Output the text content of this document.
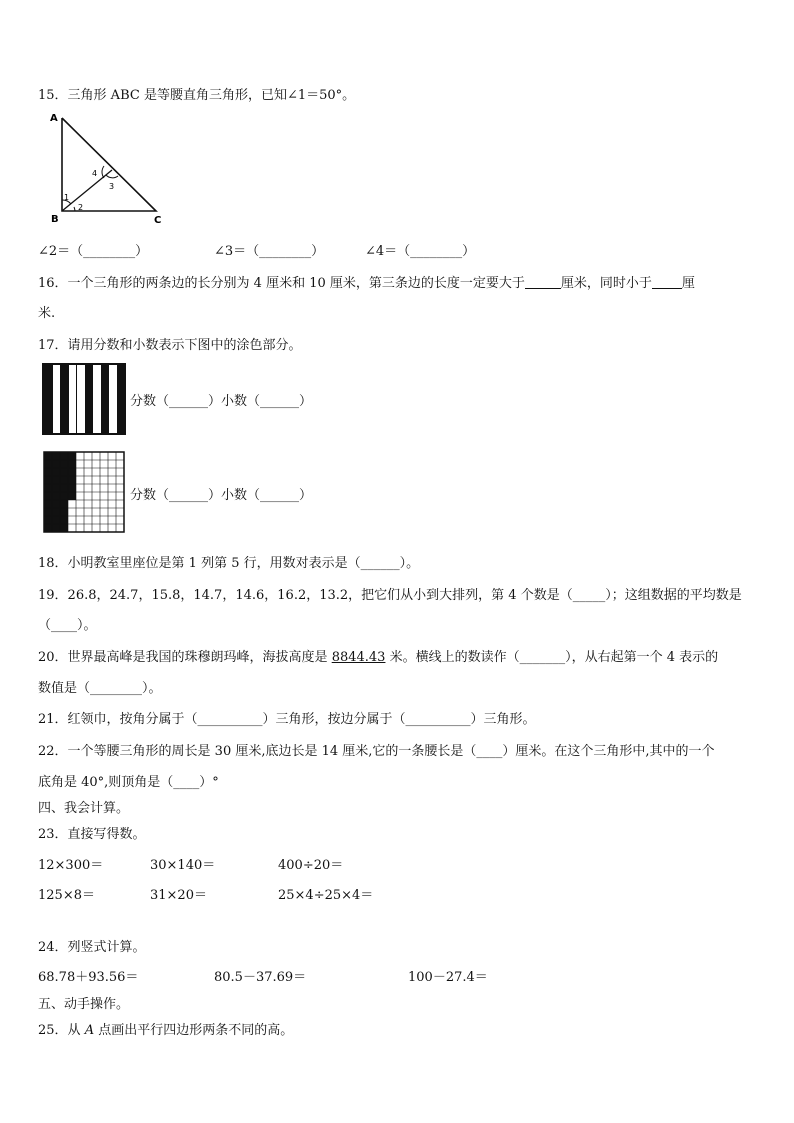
15．三角形 ABC 是等腰直角三角形，已知∠1＝50°。
A
B	C
1
2
3
4
∠2＝（________）	∠3＝（________）	∠4＝（________）
16．一个三角形的两条边的长分别为 4 厘米和 10 厘米，第三条边的长度一定要大于	厘米，同时小于 厘
米.
17．请用分数和小数表示下图中的涂色部分。
分数（______）小数（______）
分数（______）小数（______）
18．小明教室里座位是第 1 列第 5 行，用数对表示是（______）。
19．26.8，24.7，15.8，14.7，14.6，16.2，13.2，把它们从小到大排列，第 4 个数是（_____）；这组数据的平均数是
（____）。
20．世界最高峰是我国的珠穆朗玛峰，海拔高度是 8844.43 米。横线上的数读作（_______），从右起第一个 4 表示的
数值是（________）。
21．红领巾，按角分属于（__________）三角形，按边分属于（__________）三角形。
22．一个等腰三角形的周长是 30 厘米,底边长是 14 厘米,它的一条腰长是（____）厘米。在这个三角形中,其中的一个
底角是 40°,则顶角是（____）°
四、我会计算。
23．直接写得数。
12×300＝	30×140＝	400÷20＝
125×8＝	31×20＝	25×4÷25×4＝
24．列竖式计算。
68.78＋93.56＝	80.5－37.69＝	100－27.4＝
五、动手操作。
25．从 A 点画出平行四边形两条不同的高。
